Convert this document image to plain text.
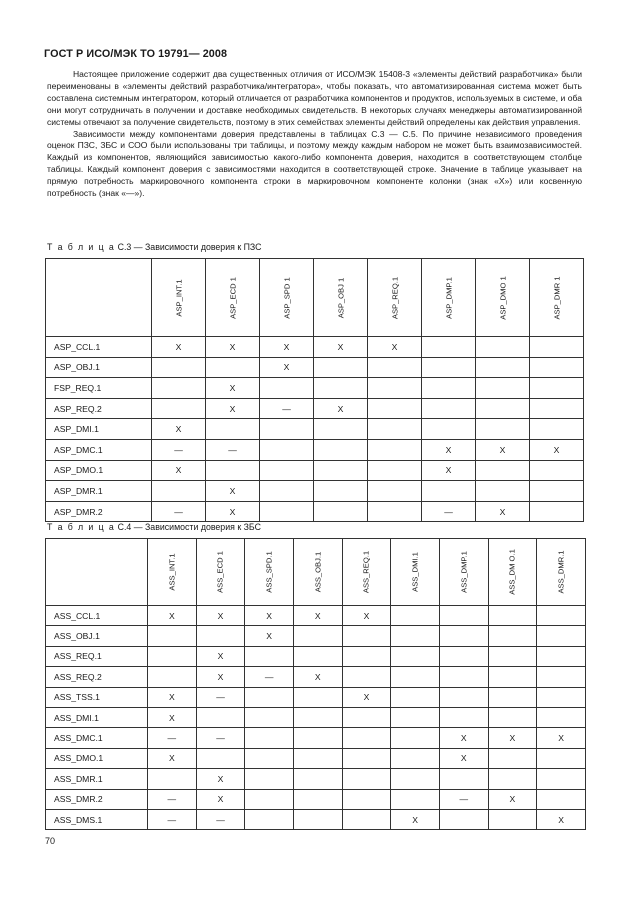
ГОСТ Р ИСО/МЭК ТО 19791— 2008

Настоящее приложение содержит два существенных отличия от ИСО/МЭК 15408-3 «элементы действий разработчика» были переименованы в «элементы действий разработчика/интегратора», чтобы показать, что автоматизированная система может быть составлена системным интегратором, который отличается от разработчика компонентов и продуктов, используемых в системе, и оба они могут сотрудничать в получении и доставке необходимых свидетельств. В некоторых случаях менеджеры автоматизированной системы отвечают за получение свидетельств, поэтому в этих семействах элементы действий определены как действия управления.

Зависимости между компонентами доверия представлены в таблицах С.3 — С.5. По причине независимого проведения оценок ПЗС, ЗБС и СОО были использованы три таблицы, и поэтому между каждым набором не может быть взаимозависимостей. Каждый из компонентов, являющийся зависимостью какого-либо компонента доверия, находится в соответствующем столбце таблицы. Каждый компонент доверия с зависимостями находится в соответствующей строке. Значение в таблице указывает на прямую потребность маркировочного компонента строки в маркировочном компоненте колонки (знак «X») или косвенную потребность (знак «—»).

Т а б л и ц а С.3 — Зависимости доверия к ПЗС

	ASP_INT.1	ASP_ECD 1	ASP_SPD 1	ASP_OBJ 1	ASP_REQ.1	ASP_DMP.1	ASP_DMO 1	ASP_DMR 1

ASP_CCL.1	X	X	X	X	X			
ASP_OBJ.1			X					
FSP_REQ.1		X						
ASP_REQ.2		X	—	X				
ASP_DMI.1	X							
ASP_DMC.1	—	—				X	X	X
ASP_DMO.1	X					X		
ASP_DMR.1		X						
ASP_DMR.2	—	X				—	X	
Т а б л и ц а С.4 — Зависимости доверия к ЗБС

	ASS_INT.1	ASS_ECD 1	ASS_SPD.1	ASS_OBJ.1	ASS_REQ.1	ASS_DMI.1	ASS_DMP.1	ASS_DM O.1	ASS_DMR.1

ASS_CCL.1	X	X	X	X	X				
ASS_OBJ.1			X						
ASS_REQ.1		X							
ASS_REQ.2		X	—	X					
ASS_TSS.1	X	—			X				
ASS_DMI.1	X								
ASS_DMC.1	—	—					X	X	X
ASS_DMO.1	X						X		
ASS_DMR.1		X							
ASS_DMR.2	—	X					—	X	
ASS_DMS.1	—	—				X			X
70
